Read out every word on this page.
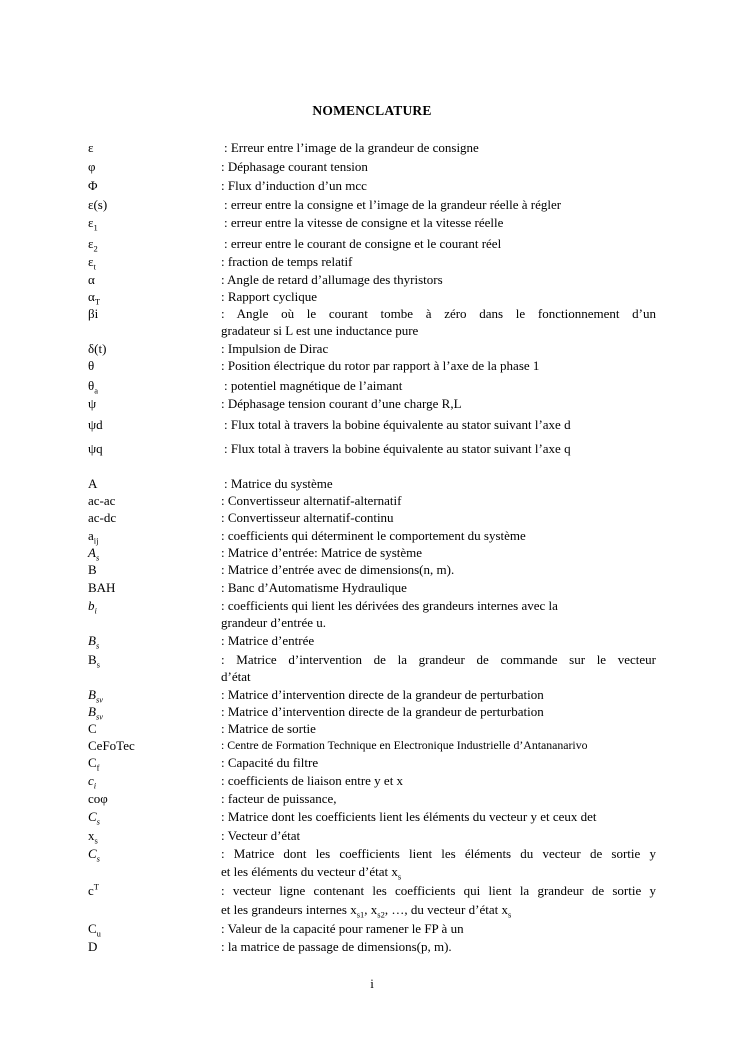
NOMENCLATURE
ε	: Erreur entre l’image de la grandeur de consigne
φ	: Déphasage courant tension
Φ	: Flux d’induction d’un mcc
ε(s)	: erreur entre la consigne et l’image de la grandeur réelle à régler
$\varepsilon_1$	: erreur entre la vitesse de consigne et la vitesse réelle
$\varepsilon_2$	: erreur entre le courant de consigne et le courant réel
$\varepsilon_t$	: fraction de temps relatif
α	: Angle de retard d’allumage des thyristors
$\alpha_T$	: Rapport cyclique
βi	: Angle où le courant tombe à zéro dans le fonctionnement d’un
gradateur si L est une inductance pure
δ(t)	: Impulsion de Dirac
θ	: Position électrique du rotor par rapport à l’axe de la phase 1
$\theta_a$	: potentiel magnétique de l’aimant
ψ	: Déphasage tension courant d’une charge R,L
ψd	: Flux total à travers la bobine équivalente au stator suivant l’axe d
ψq	: Flux total à travers la bobine équivalente au stator suivant l’axe q
A	: Matrice du système
ac-ac	: Convertisseur alternatif-alternatif
ac-dc	: Convertisseur alternatif-continu
$a_{ij}$	: coefficients qui déterminent le comportement du système
$A_s$	: Matrice d’entrée: Matrice de système
B	: Matrice d’entrée avec de dimensions(n, m).
BAH	: Banc d’Automatisme Hydraulique
$b_i$	: coefficients qui lient les dérivées des grandeurs internes avec la
grandeur d’entrée u.
$B_s$	: Matrice d’entrée
$B_s$	: Matrice d’intervention de la grandeur de commande sur le vecteur
d’état
$B_{sv}$	: Matrice d’intervention directe de la grandeur de perturbation
$B_{sv}$	: Matrice d’intervention directe de la grandeur de perturbation
C	: Matrice de sortie
CeFoTec	: Centre de Formation Technique en Electronique Industrielle d’Antananarivo
$C_f$	: Capacité du filtre
$c_i$	: coefficients de liaison entre y et x
coφ	: facteur de puissance,
$C_s$	: Matrice dont les coefficients lient les éléments du vecteur y et ceux det
$x_s$	: Vecteur d’état
$C_s$	: Matrice dont les coefficients lient les éléments du vecteur de sortie y
et les éléments du vecteur d’état $x_s$
$c^T$	: vecteur ligne contenant les coefficients qui lient la grandeur de sortie y
et les grandeurs internes $x_{s1}$, $x_{s2}$, …, du vecteur d’état $x_s$
$C_u$	: Valeur de la capacité pour ramener le FP à un
D	: la matrice de passage de dimensions(p, m).
i
